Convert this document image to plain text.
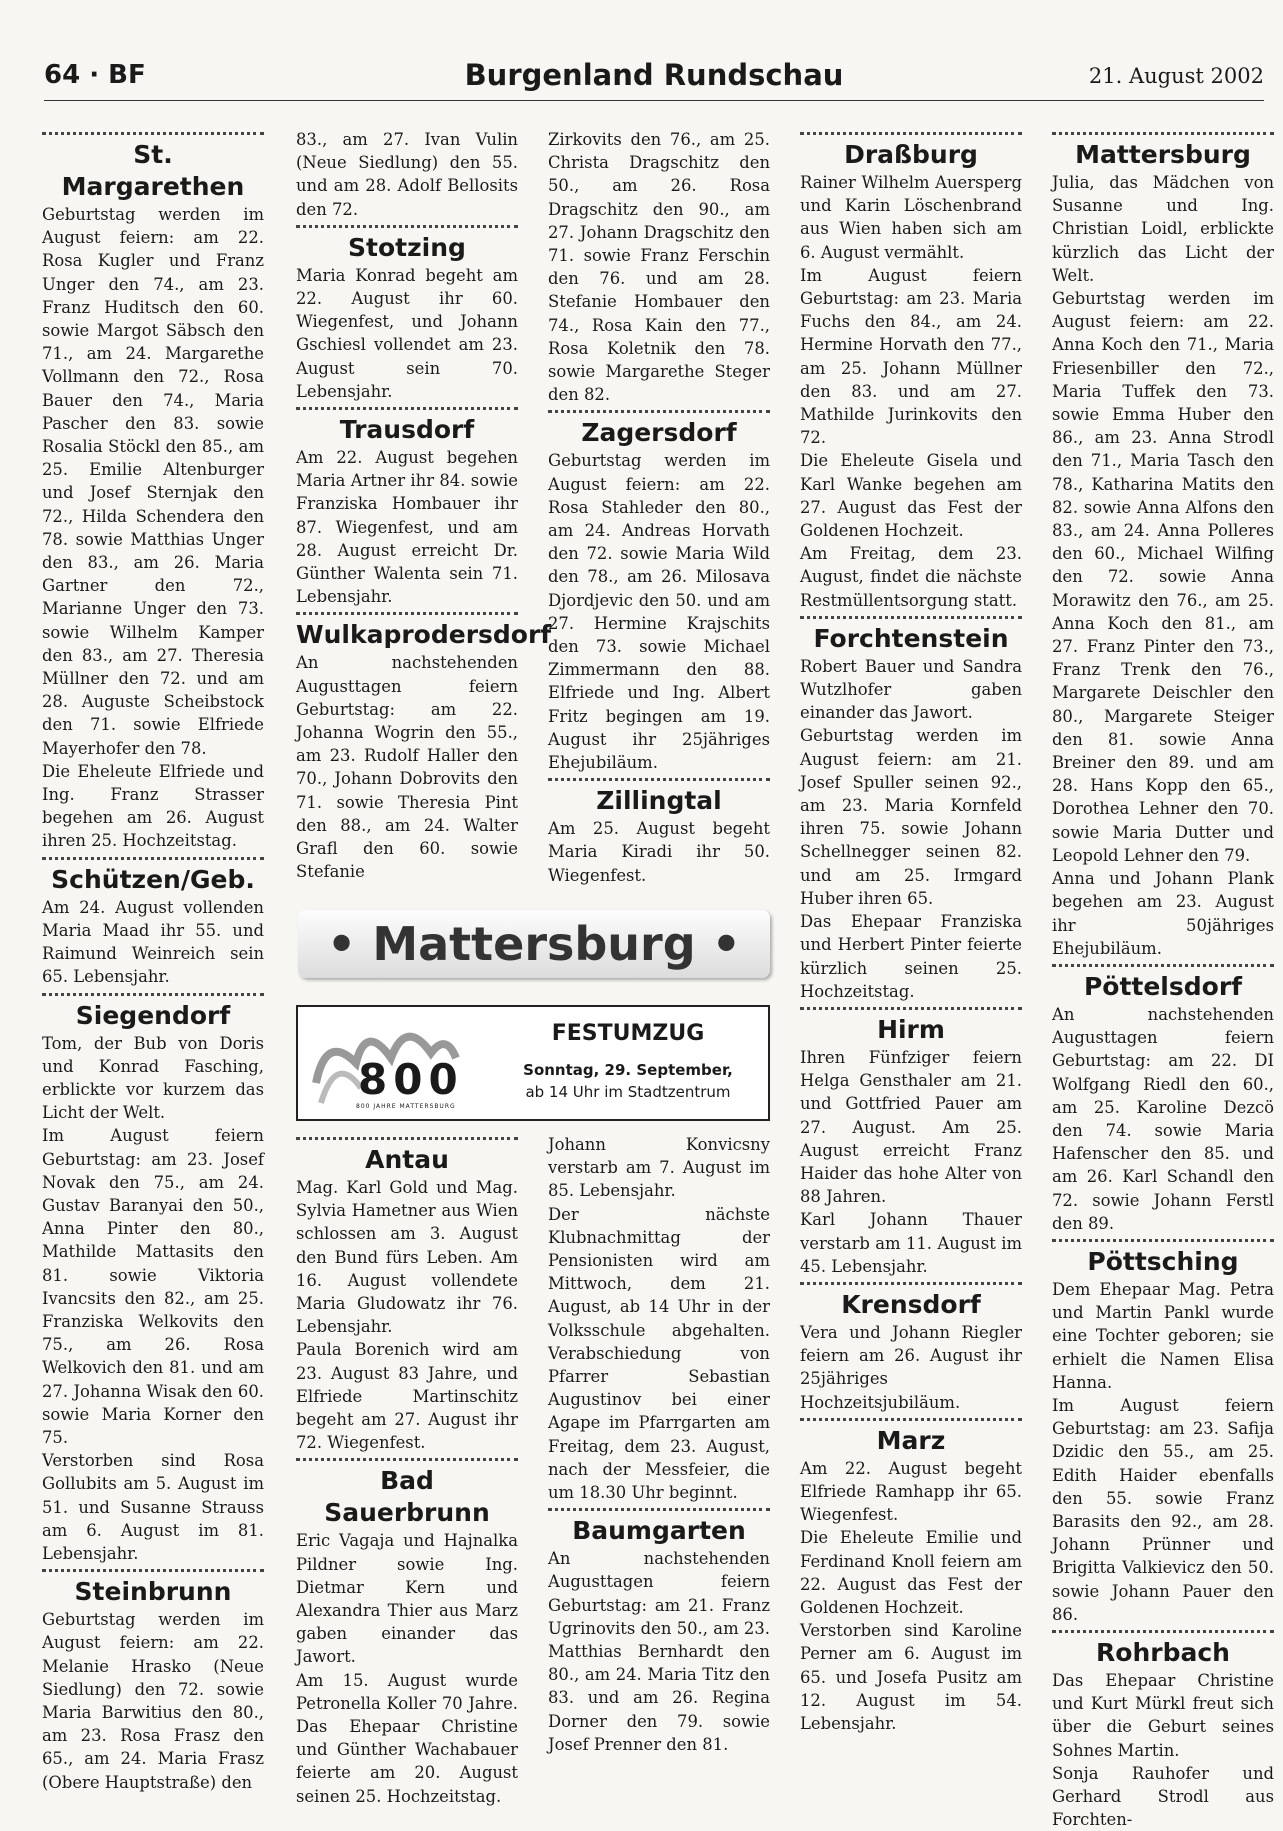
64 · BF	Burgenland Rundschau	21. August 2002
St. Margarethen

Geburtstag werden im August feiern: am 22. Rosa Kugler und Franz Unger den 74., am 23. Franz Huditsch den 60. sowie Margot Säbsch den 71., am 24. Margarethe Vollmann den 72., Rosa Bauer den 74., Maria Pascher den 83. sowie Rosalia Stöckl den 85., am 25. Emilie Altenburger und Josef Sternjak den 72., Hilda Schendera den 78. sowie Matthias Unger den 83., am 26. Maria Gartner den 72., Marianne Unger den 73. sowie Wilhelm Kamper den 83., am 27. Theresia Müllner den 72. und am 28. Auguste Scheibstock den 71. sowie Elfriede Mayerhofer den 78.

Die Eheleute Elfriede und Ing. Franz Strasser begehen am 26. August ihren 25. Hochzeitstag.

Schützen/Geb.

Am 24. August vollenden Maria Maad ihr 55. und Raimund Weinreich sein 65. Lebensjahr.

Siegendorf

Tom, der Bub von Doris und Konrad Fasching, erblickte vor kurzem das Licht der Welt.

Im August feiern Geburtstag: am 23. Josef Novak den 75., am 24. Gustav Baranyai den 50., Anna Pinter den 80., Mathilde Mattasits den 81. sowie Viktoria Ivancsits den 82., am 25. Franziska Welkovits den 75., am 26. Rosa Welkovich den 81. und am 27. Johanna Wisak den 60. sowie Maria Korner den 75.

Verstorben sind Rosa Gollubits am 5. August im 51. und Susanne Strauss am 6. August im 81. Lebensjahr.

Steinbrunn

Geburtstag werden im August feiern: am 22. Melanie Hrasko (Neue Siedlung) den 72. sowie Maria Barwitius den 80., am 23. Rosa Frasz den 65., am 24. Maria Frasz (Obere Hauptstraße) den

83., am 27. Ivan Vulin (Neue Siedlung) den 55. und am 28. Adolf Bellosits den 72.

Stotzing

Maria Konrad begeht am 22. August ihr 60. Wiegenfest, und Johann Gschiesl vollendet am 23. August sein 70. Lebensjahr.

Trausdorf

Am 22. August begehen Maria Artner ihr 84. sowie Franziska Hombauer ihr 87. Wiegenfest, und am 28. August erreicht Dr. Günther Walenta sein 71. Lebensjahr.

Wulkaprodersdorf

An nachstehenden Augusttagen feiern Geburtstag: am 22. Johanna Wogrin den 55., am 23. Rudolf Haller den 70., Johann Dobrovits den 71. sowie Theresia Pint den 88., am 24. Walter Grafl den 60. sowie Stefanie

Zirkovits den 76., am 25. Christa Dragschitz den 50., am 26. Rosa Dragschitz den 90., am 27. Johann Dragschitz den 71. sowie Franz Ferschin den 76. und am 28. Stefanie Hombauer den 74., Rosa Kain den 77., Rosa Koletnik den 78. sowie Margarethe Steger den 82.

Zagersdorf

Geburtstag werden im August feiern: am 22. Rosa Stahleder den 80., am 24. Andreas Horvath den 72. sowie Maria Wild den 78., am 26. Milosava Djordjevic den 50. und am 27. Hermine Krajschits den 73. sowie Michael Zimmermann den 88. Elfriede und Ing. Albert Fritz begingen am 19. August ihr 25jähriges Ehejubiläum.

Zillingtal

Am 25. August begeht Maria Kiradi ihr 50. Wiegenfest.

Draßburg

Rainer Wilhelm Auersperg und Karin Löschenbrand aus Wien haben sich am 6. August vermählt.

Im August feiern Geburtstag: am 23. Maria Fuchs den 84., am 24. Hermine Horvath den 77., am 25. Johann Müllner den 83. und am 27. Mathilde Jurinkovits den 72.

Die Eheleute Gisela und Karl Wanke begehen am 27. August das Fest der Goldenen Hochzeit.

Am Freitag, dem 23. August, findet die nächste Restmüllentsorgung statt.

Forchtenstein

Robert Bauer und Sandra Wutzlhofer gaben einander das Jawort.

Geburtstag werden im August feiern: am 21. Josef Spuller seinen 92., am 23. Maria Kornfeld ihren 75. sowie Johann Schellnegger seinen 82. und am 25. Irmgard Huber ihren 65.

Das Ehepaar Franziska und Herbert Pinter feierte kürzlich seinen 25. Hochzeitstag.

Hirm

Ihren Fünfziger feiern Helga Gensthaler am 21. und Gottfried Pauer am 27. August. Am 25. August erreicht Franz Haider das hohe Alter von 88 Jahren.

Karl Johann Thauer verstarb am 11. August im 45. Lebensjahr.

Krensdorf

Vera und Johann Riegler feiern am 26. August ihr 25jähriges Hochzeitsjubiläum.

Marz

Am 22. August begeht Elfriede Ramhapp ihr 65. Wiegenfest.

Die Eheleute Emilie und Ferdinand Knoll feiern am 22. August das Fest der Goldenen Hochzeit.

Verstorben sind Karoline Perner am 6. August im 65. und Josefa Pusitz am 12. August im 54. Lebensjahr.

Mattersburg

Julia, das Mädchen von Susanne und Ing. Christian Loidl, erblickte kürzlich das Licht der Welt.

Geburtstag werden im August feiern: am 22. Anna Koch den 71., Maria Friesenbiller den 72., Maria Tuffek den 73. sowie Emma Huber den 86., am 23. Anna Strodl den 71., Maria Tasch den 78., Katharina Matits den 82. sowie Anna Alfons den 83., am 24. Anna Polleres den 60., Michael Wilfing den 72. sowie Anna Morawitz den 76., am 25. Anna Koch den 81., am 27. Franz Pinter den 73., Franz Trenk den 76., Margarete Deischler den 80., Margarete Steiger den 81. sowie Anna Breiner den 89. und am 28. Hans Kopp den 65., Dorothea Lehner den 70. sowie Maria Dutter und Leopold Lehner den 79.

Anna und Johann Plank begehen am 23. August ihr 50jähriges Ehejubiläum.

Pöttelsdorf

An nachstehenden Augusttagen feiern Geburtstag: am 22. DI Wolfgang Riedl den 60., am 25. Karoline Dezcö den 74. sowie Maria Hafenscher den 85. und am 26. Karl Schandl den 72. sowie Johann Ferstl den 89.

Pöttsching

Dem Ehepaar Mag. Petra und Martin Pankl wurde eine Tochter geboren; sie erhielt die Namen Elisa Hanna.

Im August feiern Geburtstag: am 23. Safija Dzidic den 55., am 25. Edith Haider ebenfalls den 55. sowie Franz Barasits den 92., am 28. Johann Prünner und Brigitta Valkievicz den 50. sowie Johann Pauer den 86.

Rohrbach

Das Ehepaar Christine und Kurt Mürkl freut sich über die Geburt seines Sohnes Martin.

Sonja Rauhofer und Gerhard Strodl aus Forchten-

• Mattersburg •
800
800 JAHRE MATTERSBURG
FESTUMZUG
Sonntag, 29. September,
ab 14 Uhr im Stadtzentrum
Antau

Mag. Karl Gold und Mag. Sylvia Hametner aus Wien schlossen am 3. August den Bund fürs Leben. Am 16. August vollendete Maria Gludowatz ihr 76. Lebensjahr.

Paula Borenich wird am 23. August 83 Jahre, und Elfriede Martinschitz begeht am 27. August ihr 72. Wiegenfest.

Bad Sauerbrunn

Eric Vagaja und Hajnalka Pildner sowie Ing. Dietmar Kern und Alexandra Thier aus Marz gaben einander das Jawort.

Am 15. August wurde Petronella Koller 70 Jahre. Das Ehepaar Christine und Günther Wachabauer feierte am 20. August seinen 25. Hochzeitstag.

Johann Konvicsny verstarb am 7. August im 85. Lebensjahr.

Der nächste Klubnachmittag der Pensionisten wird am Mittwoch, dem 21. August, ab 14 Uhr in der Volksschule abgehalten. Verabschiedung von Pfarrer Sebastian Augustinov bei einer Agape im Pfarrgarten am Freitag, dem 23. August, nach der Messfeier, die um 18.30 Uhr beginnt.

Baumgarten

An nachstehenden Augusttagen feiern Geburtstag: am 21. Franz Ugrinovits den 50., am 23. Matthias Bernhardt den 80., am 24. Maria Titz den 83. und am 26. Regina Dorner den 79. sowie Josef Prenner den 81.
